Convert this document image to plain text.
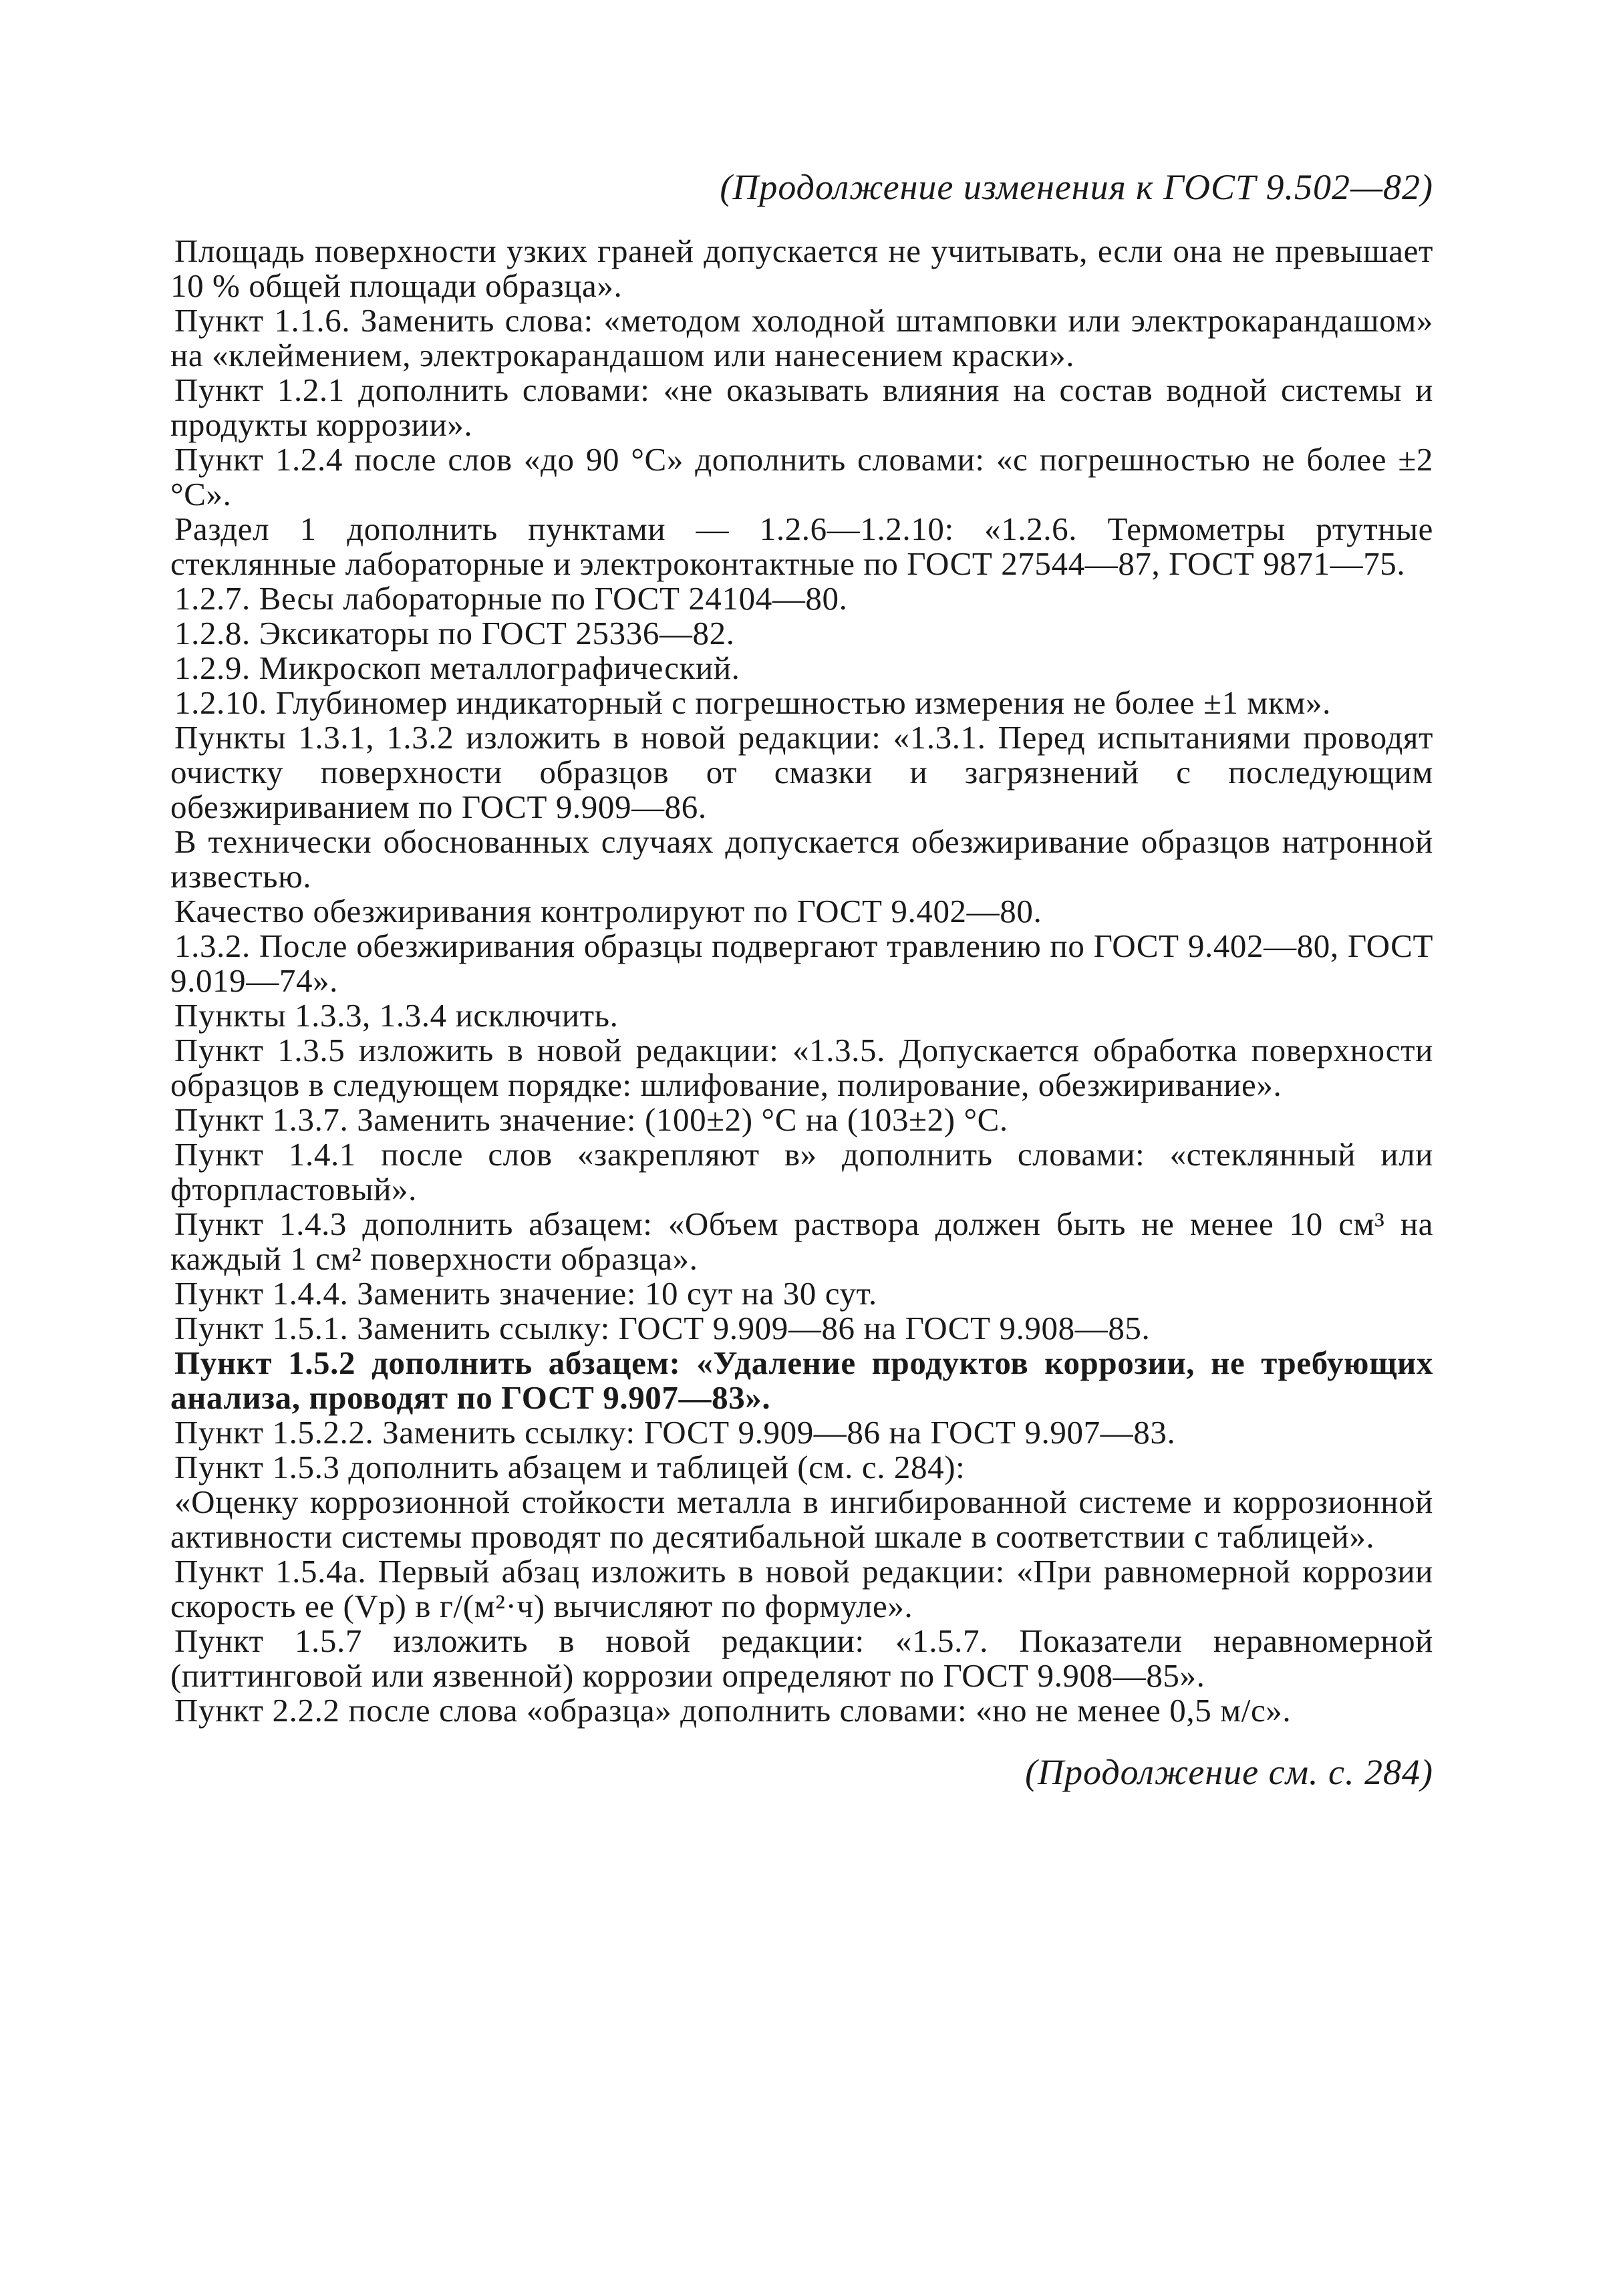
(Продолжение изменения к ГОСТ 9.502—82)

Площадь поверхности узких граней допускается не учитывать, если она не превышает 10 % общей площади образца».

Пункт 1.1.6. Заменить слова: «методом холодной штамповки или электрокарандашом» на «клеймением, электрокарандашом или нанесением краски».

Пункт 1.2.1 дополнить словами: «не оказывать влияния на состав водной системы и продукты коррозии».

Пункт 1.2.4 после слов «до 90 °С» дополнить словами: «с погрешностью не более ±2 °С».

Раздел 1 дополнить пунктами — 1.2.6—1.2.10: «1.2.6. Термометры ртутные стеклянные лабораторные и электроконтактные по ГОСТ 27544—87, ГОСТ 9871—75.

1.2.7. Весы лабораторные по ГОСТ 24104—80.

1.2.8. Эксикаторы по ГОСТ 25336—82.

1.2.9. Микроскоп металлографический.

1.2.10. Глубиномер индикаторный с погрешностью измерения не более ±1 мкм».

Пункты 1.3.1, 1.3.2 изложить в новой редакции: «1.3.1. Перед испытаниями проводят очистку поверхности образцов от смазки и загрязнений с последующим обезжириванием по ГОСТ 9.909—86.

В технически обоснованных случаях допускается обезжиривание образцов натронной известью.

Качество обезжиривания контролируют по ГОСТ 9.402—80.

1.3.2. После обезжиривания образцы подвергают травлению по ГОСТ 9.402—80, ГОСТ 9.019—74».

Пункты 1.3.3, 1.3.4 исключить.

Пункт 1.3.5 изложить в новой редакции: «1.3.5. Допускается обработка поверхности образцов в следующем порядке: шлифование, полирование, обезжиривание».

Пункт 1.3.7. Заменить значение: (100±2) °С на (103±2) °С.

Пункт 1.4.1 после слов «закрепляют в» дополнить словами: «стеклянный или фторпластовый».

Пункт 1.4.3 дополнить абзацем: «Объем раствора должен быть не менее 10 см³ на каждый 1 см² поверхности образца».

Пункт 1.4.4. Заменить значение: 10 сут на 30 сут.

Пункт 1.5.1. Заменить ссылку: ГОСТ 9.909—86 на ГОСТ 9.908—85.

Пункт 1.5.2 дополнить абзацем: «Удаление продуктов коррозии, не требующих анализа, проводят по ГОСТ 9.907—83».

Пункт 1.5.2.2. Заменить ссылку: ГОСТ 9.909—86 на ГОСТ 9.907—83.

Пункт 1.5.3 дополнить абзацем и таблицей (см. с. 284):

«Оценку коррозионной стойкости металла в ингибированной системе и коррозионной активности системы проводят по десятибальной шкале в соответствии с таблицей».

Пункт 1.5.4а. Первый абзац изложить в новой редакции: «При равномерной коррозии скорость ее (Vр) в г/(м²·ч) вычисляют по формуле».

Пункт 1.5.7 изложить в новой редакции: «1.5.7. Показатели неравномерной (питтинговой или язвенной) коррозии определяют по ГОСТ 9.908—85».

Пункт 2.2.2 после слова «образца» дополнить словами: «но не менее 0,5 м/с».

(Продолжение см. с. 284)
